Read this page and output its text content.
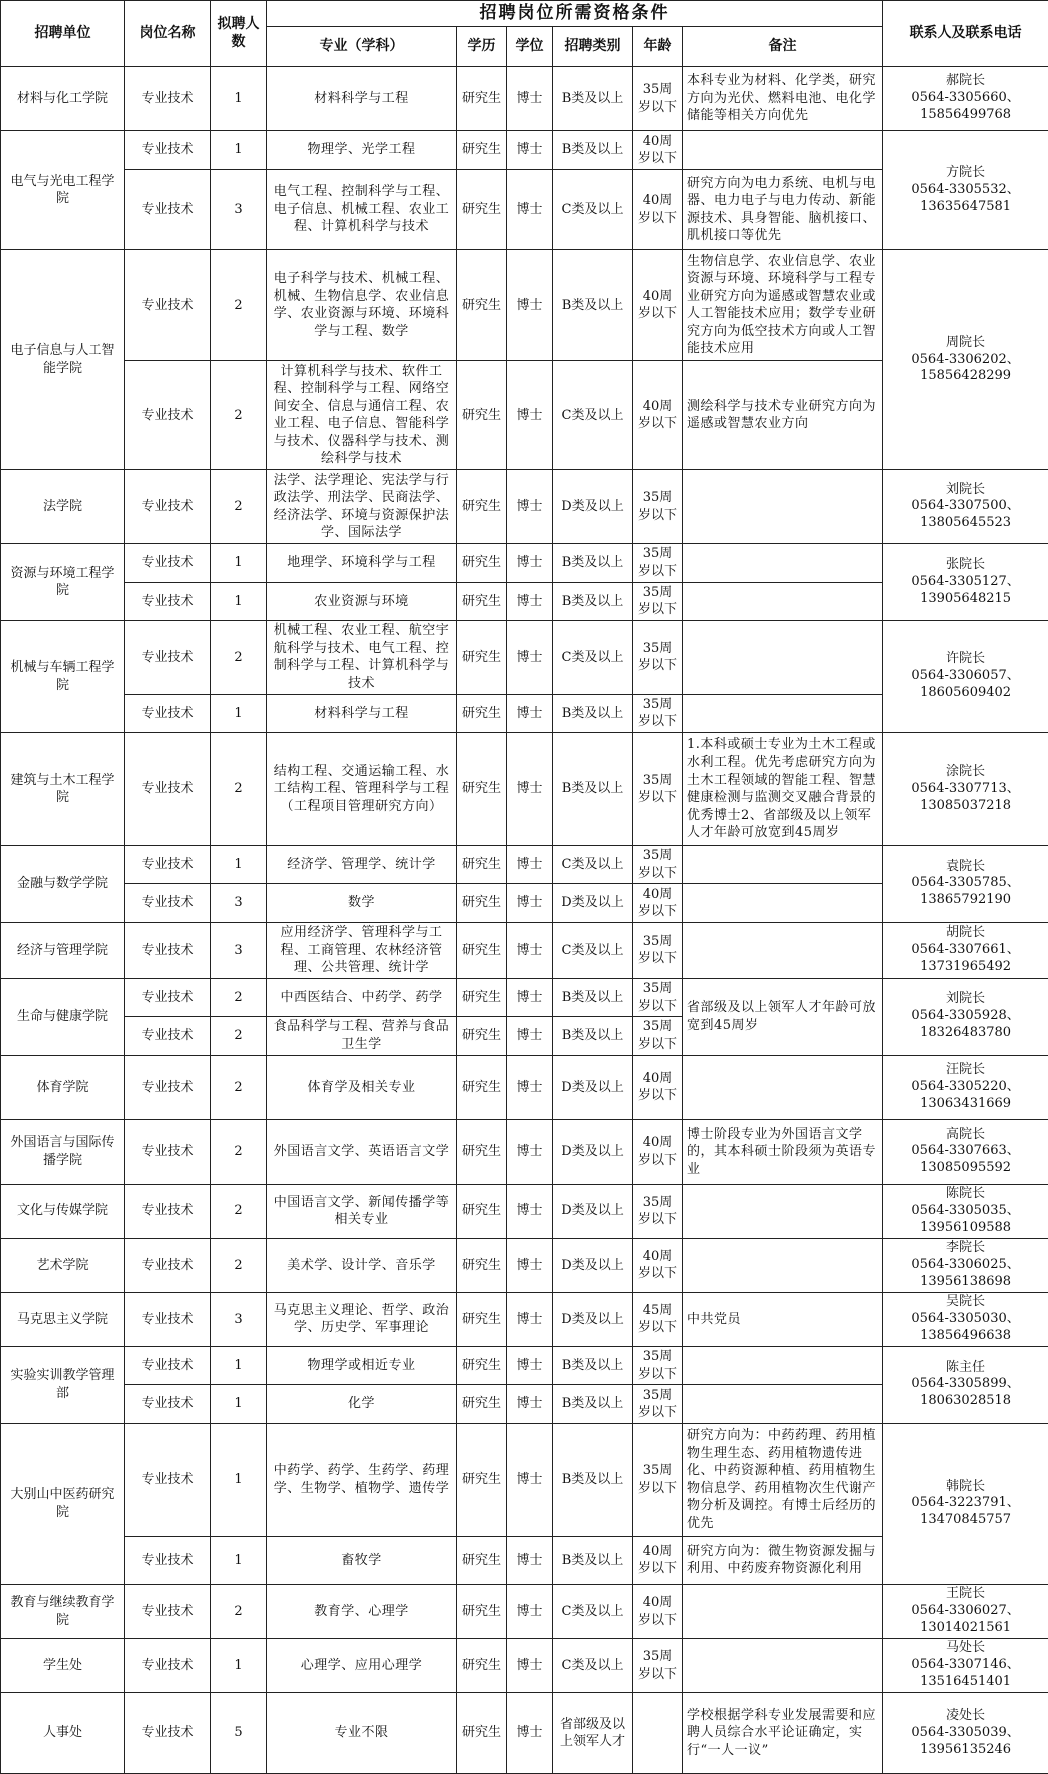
招聘单位	岗位名称	拟聘人数	招聘岗位所需资格条件						联系人及联系电话
			专业（学科）	学历	学位	招聘类别	年龄	备注	
材料与化工学院	专业技术	1	材料科学与工程	研究生	博士	B类及以上	35周岁以下	本科专业为材料、化学类，研究方向为光伏、燃料电池、电化学储能等相关方向优先	郝院长
0564-3305660、
15856499768

电气与光电工程学院	专业技术	1	物理学、光学工程	研究生	博士	B类及以上	40周岁以下		方院长
0564-3305532、
13635647581

	专业技术	3	电气工程、控制科学与工程、电子信息、机械工程、农业工程、计算机科学与技术	研究生	博士	C类及以上	40周岁以下	研究方向为电力系统、电机与电器、电力电子与电力传动、新能源技术、具身智能、脑机接口、肌机接口等优先	
电子信息与人工智能学院	专业技术	2	电子科学与技术、机械工程、机械、生物信息学、农业信息学、农业资源与环境、环境科学与工程、数学	研究生	博士	B类及以上	40周岁以下	生物信息学、农业信息学、农业资源与环境、环境科学与工程专业研究方向为遥感或智慧农业或人工智能技术应用；数学专业研究方向为低空技术方向或人工智能技术应用	周院长
0564-3306202、
15856428299

	专业技术	2	计算机科学与技术、软件工程、控制科学与工程、网络空间安全、信息与通信工程、农业工程、电子信息、智能科学与技术、仪器科学与技术、测绘科学与技术	研究生	博士	C类及以上	40周岁以下	测绘科学与技术专业研究方向为遥感或智慧农业方向	
法学院	专业技术	2	法学、法学理论、宪法学与行政法学、刑法学、民商法学、经济法学、环境与资源保护法学、国际法学	研究生	博士	D类及以上	35周岁以下		刘院长
0564-3307500、
13805645523

资源与环境工程学院	专业技术	1	地理学、环境科学与工程	研究生	博士	B类及以上	35周岁以下		张院长
0564-3305127、
13905648215

	专业技术	1	农业资源与环境	研究生	博士	B类及以上	35周岁以下		
机械与车辆工程学院	专业技术	2	机械工程、农业工程、航空宇航科学与技术、电气工程、控制科学与工程、计算机科学与技术	研究生	博士	C类及以上	35周岁以下		许院长
0564-3306057、
18605609402

	专业技术	1	材料科学与工程	研究生	博士	B类及以上	35周岁以下		
建筑与土木工程学院	专业技术	2	结构工程、交通运输工程、水工结构工程、管理科学与工程（工程项目管理研究方向）	研究生	博士	B类及以上	35周岁以下	1.本科或硕士专业为土木工程或水利工程。优先考虑研究方向为土木工程领域的智能工程、智慧健康检测与监测交叉融合背景的优秀博士2、省部级及以上领军人才年龄可放宽到45周岁	涂院长
0564-3307713、
13085037218

金融与数学学院	专业技术	1	经济学、管理学、统计学	研究生	博士	C类及以上	35周岁以下		袁院长
0564-3305785、
13865792190

	专业技术	3	数学	研究生	博士	D类及以上	40周岁以下		
经济与管理学院	专业技术	3	应用经济学、管理科学与工程、工商管理、农林经济管理、公共管理、统计学	研究生	博士	C类及以上	35周岁以下		胡院长
0564-3307661、
13731965492

生命与健康学院	专业技术	2	中西医结合、中药学、药学	研究生	博士	B类及以上	35周岁以下	省部级及以上领军人才年龄可放宽到45周岁	刘院长
0564-3305928、
18326483780

	专业技术	2	食品科学与工程、营养与食品卫生学	研究生	博士	B类及以上	35周岁以下		
体育学院	专业技术	2	体育学及相关专业	研究生	博士	D类及以上	40周岁以下		汪院长
0564-3305220、
13063431669

外国语言与国际传播学院	专业技术	2	外国语言文学、英语语言文学	研究生	博士	D类及以上	40周岁以下	博士阶段专业为外国语言文学的，其本科硕士阶段须为英语专业	高院长
0564-3307663、
13085095592

文化与传媒学院	专业技术	2	中国语言文学、新闻传播学等相关专业	研究生	博士	D类及以上	35周岁以下		陈院长
0564-3305035、
13956109588

艺术学院	专业技术	2	美术学、设计学、音乐学	研究生	博士	D类及以上	40周岁以下		李院长
0564-3306025、
13956138698

马克思主义学院	专业技术	3	马克思主义理论、哲学、政治学、历史学、军事理论	研究生	博士	D类及以上	45周岁以下	中共党员	吴院长
0564-3305030、
13856496638

实验实训教学管理部	专业技术	1	物理学或相近专业	研究生	博士	B类及以上	35周岁以下		陈主任
0564-3305899、
18063028518

	专业技术	1	化学	研究生	博士	B类及以上	35周岁以下		
大别山中医药研究院	专业技术	1	中药学、药学、生药学、药理学、生物学、植物学、遗传学	研究生	博士	B类及以上	35周岁以下	研究方向为：中药药理、药用植物生理生态、药用植物遗传进化、中药资源种植、药用植物生物信息学、药用植物次生代谢产物分析及调控。有博士后经历的优先	韩院长
0564-3223791、
13470845757

	专业技术	1	畜牧学	研究生	博士	B类及以上	40周岁以下	研究方向为：微生物资源发掘与利用、中药废弃物资源化利用	
教育与继续教育学院	专业技术	2	教育学、心理学	研究生	博士	C类及以上	40周岁以下		王院长
0564-3306027、
13014021561

学生处	专业技术	1	心理学、应用心理学	研究生	博士	C类及以上	35周岁以下		马处长
0564-3307146、
13516451401

人事处	专业技术	5	专业不限	研究生	博士	省部级及以上领军人才		学校根据学科专业发展需要和应聘人员综合水平论证确定，实行“一人一议”	凌处长
0564-3305039、
13956135246
